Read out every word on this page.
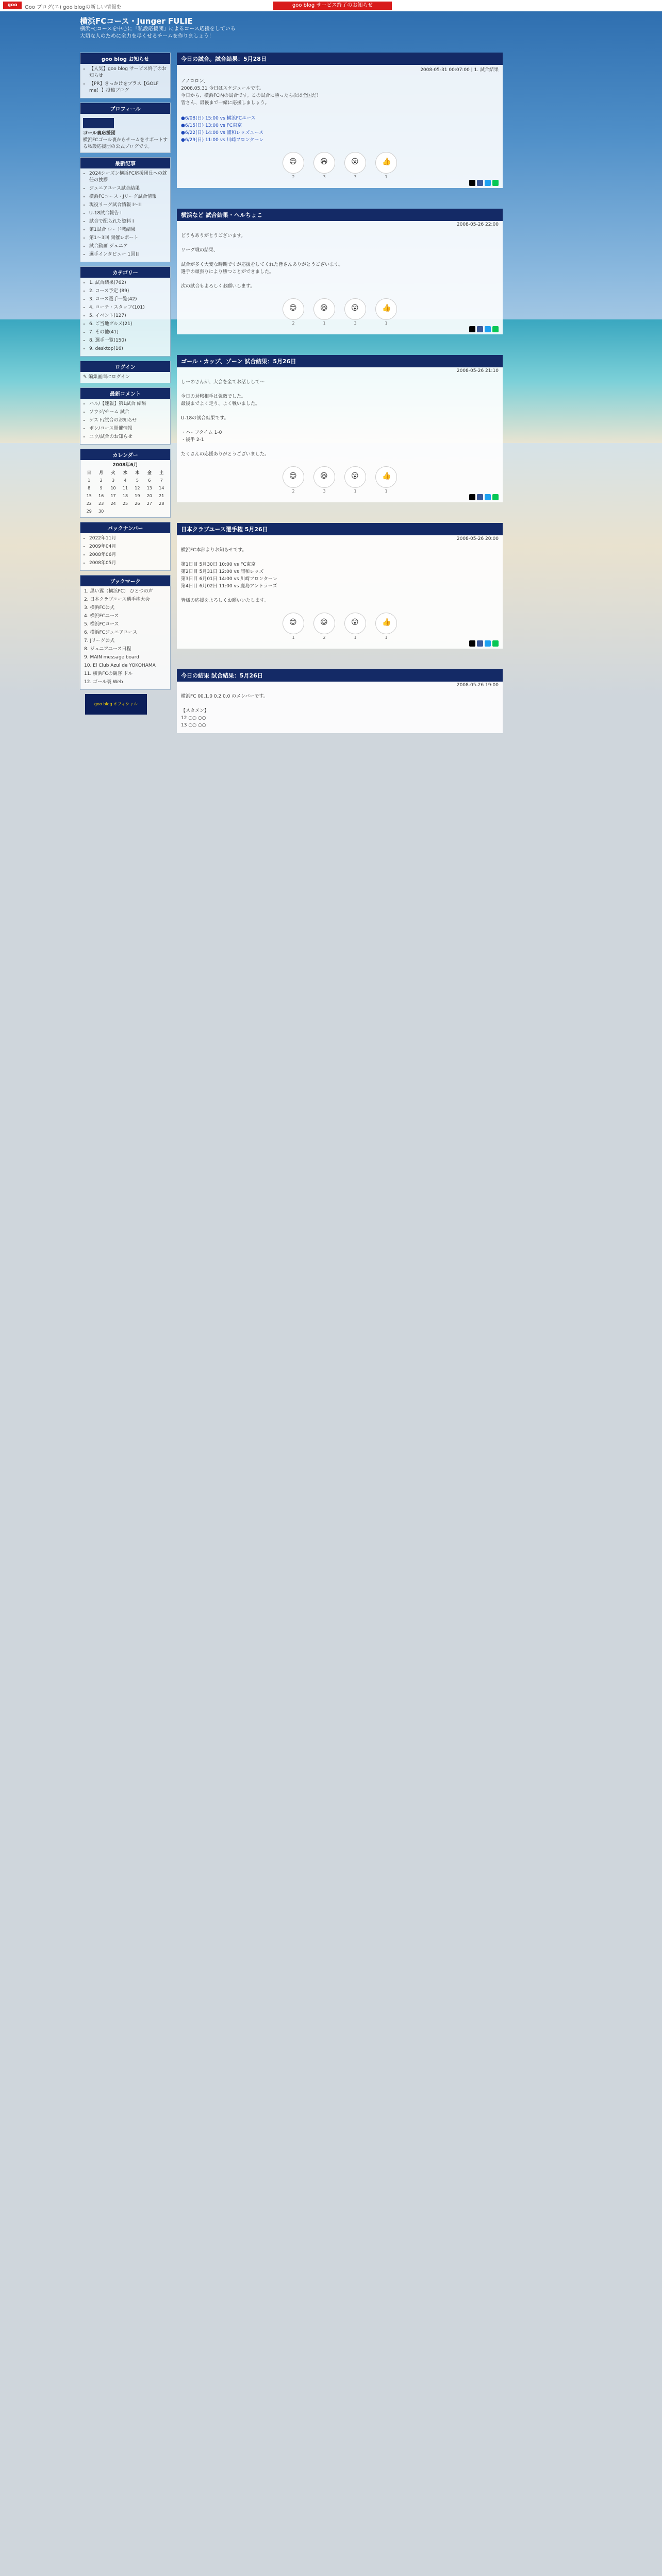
goo	Goo ブログ(エ) goo blogの新しい情報を	goo blog サービス終了のお知らせ
横浜FCコース・Junger FULIE
横浜FCコースを中心に「私設応援団」によるコース応援をしている
大切な人のために全力を尽くせるチームを作りましょう！
goo blog お知らせ
• 【人気】goo blog サービス終了のお知らせ
• 【PR】きっかけをプラス【GOLF me！】投稿ブログ
プロフィール
ゴール裏応援団
横浜FCゴール裏からチームをサポートする私設応援団の公式ブログです。
最新記事
• 2024シーズン横浜FC応援団長への就任の挨拶
• ジュニアユース試合結果
• 横浜FCコース・Jリーグ試合情報
• 現役リーグ試合情報 Ⅰ〜Ⅲ
• U-18試合報告 Ⅰ
• 試合で配られた資料 Ⅰ
• 第1試合 ロード戦結果
• 第1〜3回 開催レポート
• 試合動画 ジュニア
• 選手インタビュー 1回目
カテゴリー
• 1. 試合結果(762)
• 2. コース予定 (89)
• 3. コース選手一覧(42)
• 4. コーチ・スタッフ(101)
• 5. イベント(127)
• 6. ご当地グルメ(21)
• 7. その他(41)
• 8. 選手一覧(150)
• 9. desktop(16)
ログイン
✎ 編集画面にログイン
最新コメント
• ハル/【速報】第1試合 結果
• ソウジ/チーム 試合
• ゲスト/試合のお知らせ
• ポン/コース開催情報
• ユウ/試合のお知らせ
カレンダー
2008年6月
日	月	火	水	木	金	土
1	2	3	4	5	6	7
8	9	10	11	12	13	14
15	16	17	18	19	20	21
22	23	24	25	26	27	28
29	30					
バックナンバー
• 2022年11月
• 2009年04月
• 2008年06月
• 2008年05月
ブックマーク
1. 黒い翼（横浜FC） ひとつの声
2. 日本クラブユース選手権大会
3. 横浜FC公式
4. 横浜FCユース
5. 横浜FCコース
6. 横浜FCジュニアユース
7. Jリーグ公式
8. ジュニアユース日程
9. MAIN message board
10. El Club Azul de YOKOHAMA
11. 横浜FCの観客 ドル
12. ゴール裏 Web
goo blog オフィシャル
今日の試合。試合結果：5月28日
2008-05-31 00:07:00 | 1. 試合結果
ノノロロン、
2008.05.31 今日はスケジュールです。
今日から、横浜FC内の試合です。この試合に勝ったら次は全国だ！
皆さん、最後まで一緒に応援しましょう。
●6/08(日) 15:00 vs 横浜FCユース
●6/15(日) 13:00 vs FC東京
●6/22(日) 14:00 vs 浦和レッズユース
●6/29(日) 11:00 vs 川崎フロンターレ
😊
2
😆
3
😮
3
👍
1
横浜など 試合結果・へルちょこ
2008-05-26 22:00
どうもありがとうございます。

リーグ戦の結果、

試合が多く大変な時期ですが応援をしてくれた皆さんありがとうございます。
選手の頑張りにより勝つことができました。

次の試合もよろしくお願いします。
😊
2
😆
1
😮
3
👍
1
ゴール・カップ、ゾーン 試合結果：5月26日
2008-05-26 21:10
しーのさんが、大会を全てお話しして〜

今日の対戦相手は強敵でした。
最後までよく走り、よく戦いました。

U-18の試合結果です。

・ハーフタイム 1-0
・後半 2-1

たくさんの応援ありがとうございました。
😊
2
😆
3
😮
1
👍
1
日本クラブユース選手権 5月26日
2008-05-26 20:00
横浜FC本部よりお知らせです。

第1日目 5月30日 10:00 vs FC東京
第2日目 5月31日 12:00 vs 浦和レッズ
第3日目 6月01日 14:00 vs 川崎フロンターレ
第4日目 6月02日 11:00 vs 鹿島アントラーズ

皆様の応援をよろしくお願いいたします。
😊
1
😆
2
😮
1
👍
1
今日の結果 試合結果：5月26日
2008-05-26 19:00
横浜FC 00.1.0 0.2.0.0 のメンバーです。

【スタメン】
12 ○○ ○○
13 ○○ ○○
